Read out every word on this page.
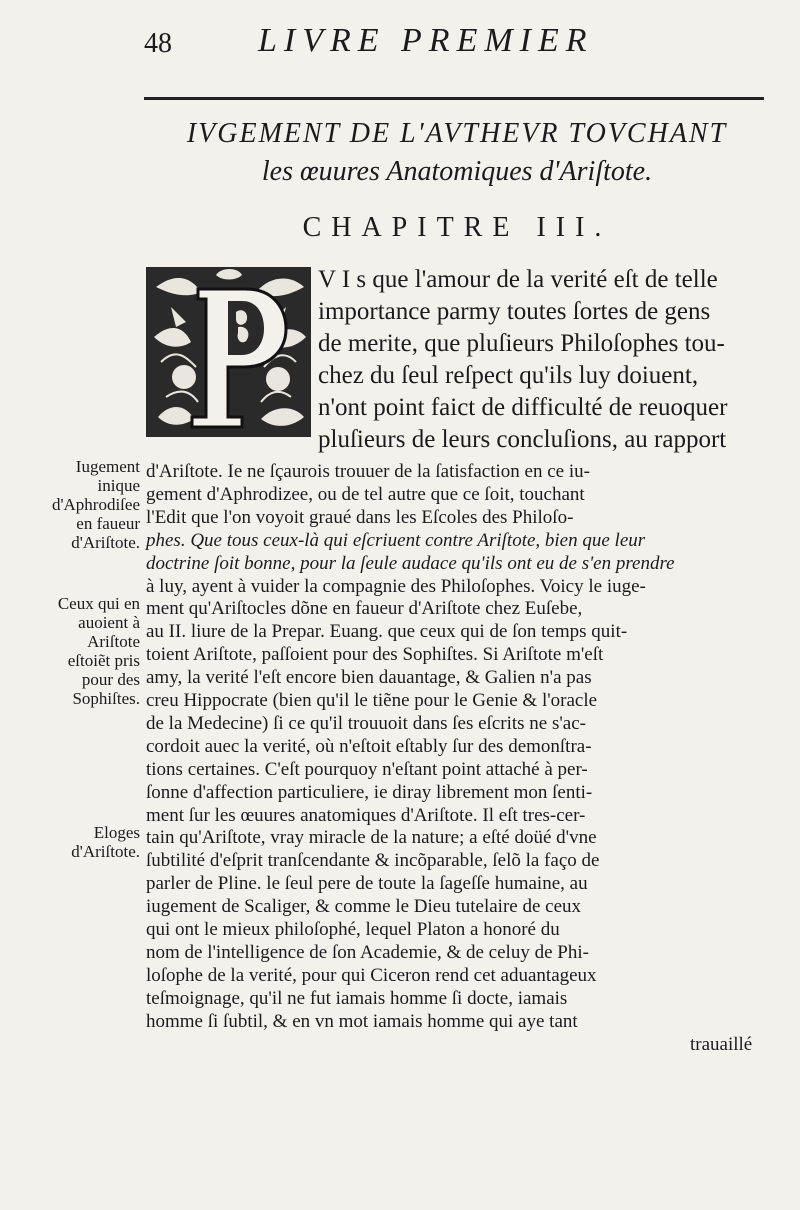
48	LIVRE PREMIER
IVGEMENT DE L'AVTHEVR TOVCHANT
les œuures Anatomiques d'Ariſtote.
CHAPITRE III.
V I s que l'amour de la verité eſt de telle
importance parmy toutes ſortes de gens
de merite, que pluſieurs Philoſophes tou-
chez du ſeul reſpect qu'ils luy doiuent,
n'ont point faict de difficulté de reuoquer
pluſieurs de leurs concluſions, au rapport
d'Ariſtote. Ie ne ſçaurois trouuer de la ſatisfaction en ce iu-
gement d'Aphrodizee, ou de tel autre que ce ſoit, touchant
l'Edit que l'on voyoit graué dans les Eſcoles des Philoſo-
phes. Que tous ceux-là qui eſcriuent contre Ariſtote, bien que leur
doctrine ſoit bonne, pour la ſeule audace qu'ils ont eu de s'en prendre
à luy, ayent à vuider la compagnie des Philoſophes. Voicy le iuge-
ment qu'Ariſtocles dõne en faueur d'Ariſtote chez Euſebe,
au II. liure de la Prepar. Euang. que ceux qui de ſon temps quit-
toient Ariſtote, paſſoient pour des Sophiſtes. Si Ariſtote m'eſt
amy, la verité l'eſt encore bien dauantage, & Galien n'a pas
creu Hippocrate (bien qu'il le tiẽne pour le Genie & l'oracle
de la Medecine) ſi ce qu'il trouuoit dans ſes eſcrits ne s'ac-
cordoit auec la verité, où n'eſtoit eſtably ſur des demonſtra-
tions certaines. C'eſt pourquoy n'eſtant point attaché à per-
ſonne d'affection particuliere, ie diray librement mon ſenti-
ment ſur les œuures anatomiques d'Ariſtote. Il eſt tres-cer-
tain qu'Ariſtote, vray miracle de la nature; a eſté doüé d'vne
ſubtilité d'eſprit tranſcendante & incõparable, ſelõ la faço de
parler de Pline. le ſeul pere de toute la ſageſſe humaine, au
iugement de Scaliger, & comme le Dieu tutelaire de ceux
qui ont le mieux philoſophé, lequel Platon a honoré du
nom de l'intelligence de ſon Academie, & de celuy de Phi-
loſophe de la verité, pour qui Ciceron rend cet aduantageux
Iugement inique d'Aphrodiſee en faueur d'Ariſtote.
Ceux qui en auoient à Ariſtote eſtoiẽt pris pour des Sophiſtes.
Eloges d'Ariſtote.
teſmoignage, qu'il ne fut iamais homme ſi docte, iamais
homme ſi ſubtil, & en vn mot iamais homme qui aye tant
trauaillé
